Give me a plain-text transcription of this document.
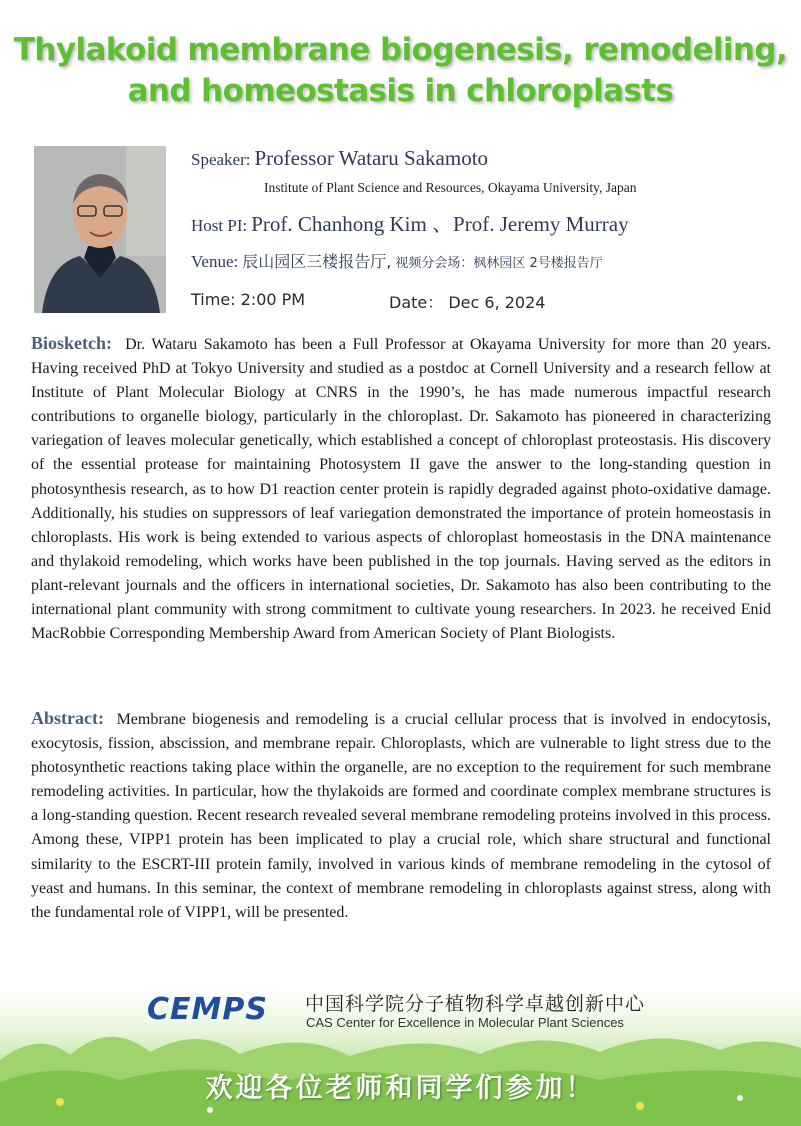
Thylakoid membrane biogenesis, remodeling,
and homeostasis in chloroplasts
Speaker: Professor Wataru Sakamoto
Institute of Plant Science and Resources, Okayama University, Japan
Host PI: Prof. Chanhong Kim 、Prof. Jeremy Murray
Venue: 辰山园区三楼报告厅, 视频分会场：枫林园区 2号楼报告厅
Time: 2:00 PM	Date： Dec 6, 2024
Biosketch: Dr. Wataru Sakamoto has been a Full Professor at Okayama University for more than 20 years. Having received PhD at Tokyo University and studied as a postdoc at Cornell University and a research fellow at Institute of Plant Molecular Biology at CNRS in the 1990’s, he has made numerous impactful research contributions to organelle biology, particularly in the chloroplast. Dr. Sakamoto has pioneered in characterizing variegation of leaves molecular genetically, which established a concept of chloroplast proteostasis. His discovery of the essential protease for maintaining Photosystem II gave the answer to the long-standing question in photosynthesis research, as to how D1 reaction center protein is rapidly degraded against photo-oxidative damage. Additionally, his studies on suppressors of leaf variegation demonstrated the importance of protein homeostasis in chloroplasts. His work is being extended to various aspects of chloroplast homeostasis in the DNA maintenance and thylakoid remodeling, which works have been published in the top journals. Having served as the editors in plant-relevant journals and the officers in international societies, Dr. Sakamoto has also been contributing to the international plant community with strong commitment to cultivate young researchers. In 2023. he received Enid MacRobbie Corresponding Membership Award from American Society of Plant Biologists.
Abstract: Membrane biogenesis and remodeling is a crucial cellular process that is involved in endocytosis, exocytosis, fission, abscission, and membrane repair. Chloroplasts, which are vulnerable to light stress due to the photosynthetic reactions taking place within the organelle, are no exception to the requirement for such membrane remodeling activities. In particular, how the thylakoids are formed and coordinate complex membrane structures is a long-standing question. Recent research revealed several membrane remodeling proteins involved in this process. Among these, VIPP1 protein has been implicated to play a crucial role, which share structural and functional similarity to the ESCRT-III protein family, involved in various kinds of membrane remodeling in the cytosol of yeast and humans. In this seminar, the context of membrane remodeling in chloroplasts against stress, along with the fundamental role of VIPP1, will be presented.
CEMPS 中国科学院分子植物科学卓越创新中心
CAS Center for Excellence in Molecular Plant Sciences
欢迎各位老师和同学们参加！
